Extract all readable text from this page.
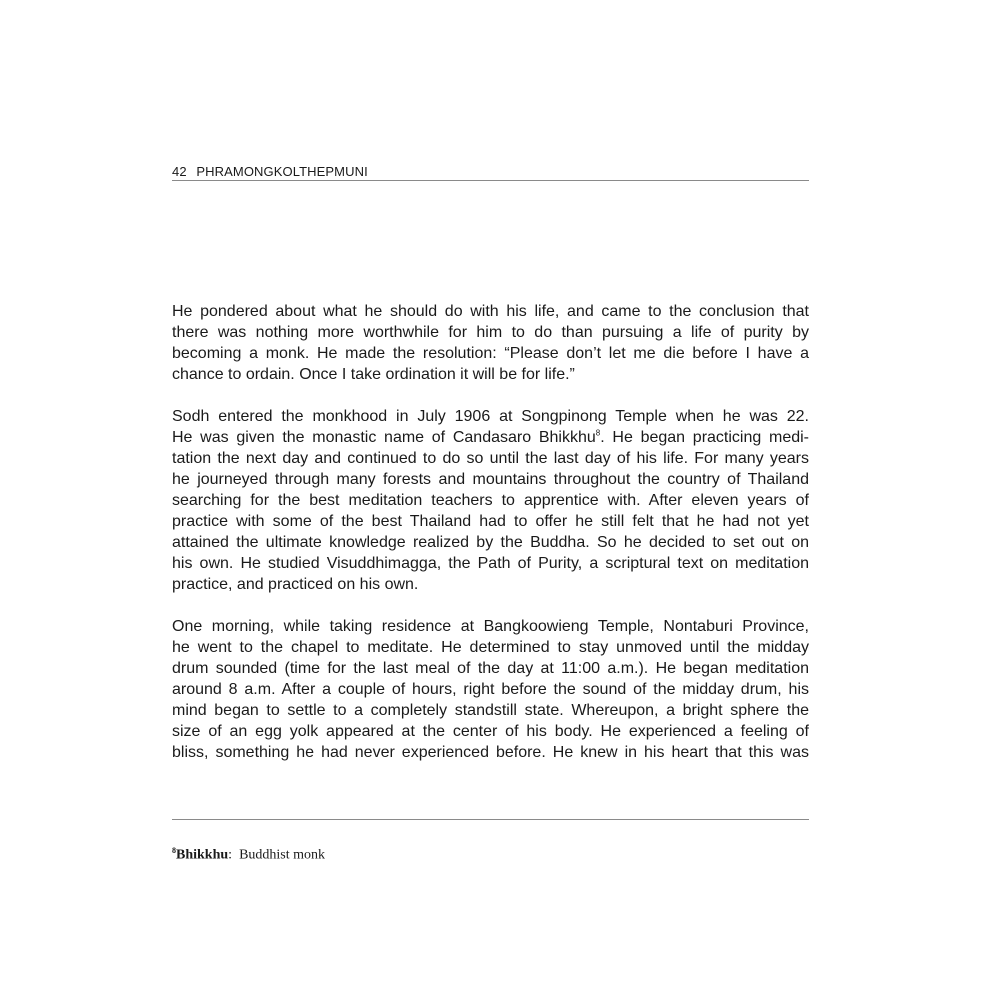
42 PHRAMONGKOLTHEPMUNI

He pondered about what he should do with his life, and came to the conclusion that
there was nothing more worthwhile for him to do than pursuing a life of purity by
becoming a monk. He made the resolution: “Please don’t let me die before I have a
chance to ordain. Once I take ordination it will be for life.”

Sodh entered the monkhood in July 1906 at Songpinong Temple when he was 22.
He was given the monastic name of Candasaro Bhikkhu$^8$. He began practicing medi-
tation the next day and continued to do so until the last day of his life. For many years
he journeyed through many forests and mountains throughout the country of Thailand
searching for the best meditation teachers to apprentice with. After eleven years of
practice with some of the best Thailand had to offer he still felt that he had not yet
attained the ultimate knowledge realized by the Buddha. So he decided to set out on
his own. He studied Visuddhimagga, the Path of Purity, a scriptural text on meditation
practice, and practiced on his own.

One morning, while taking residence at Bangkoowieng Temple, Nontaburi Province,
he went to the chapel to meditate. He determined to stay unmoved until the midday
drum sounded (time for the last meal of the day at 11:00 a.m.). He began meditation
around 8 a.m. After a couple of hours, right before the sound of the midday drum, his
mind began to settle to a completely standstill state. Whereupon, a bright sphere the
size of an egg yolk appeared at the center of his body. He experienced a feeling of
bliss, something he had never experienced before. He knew in his heart that this was

$^8$Bhikkhu: Buddhist monk
